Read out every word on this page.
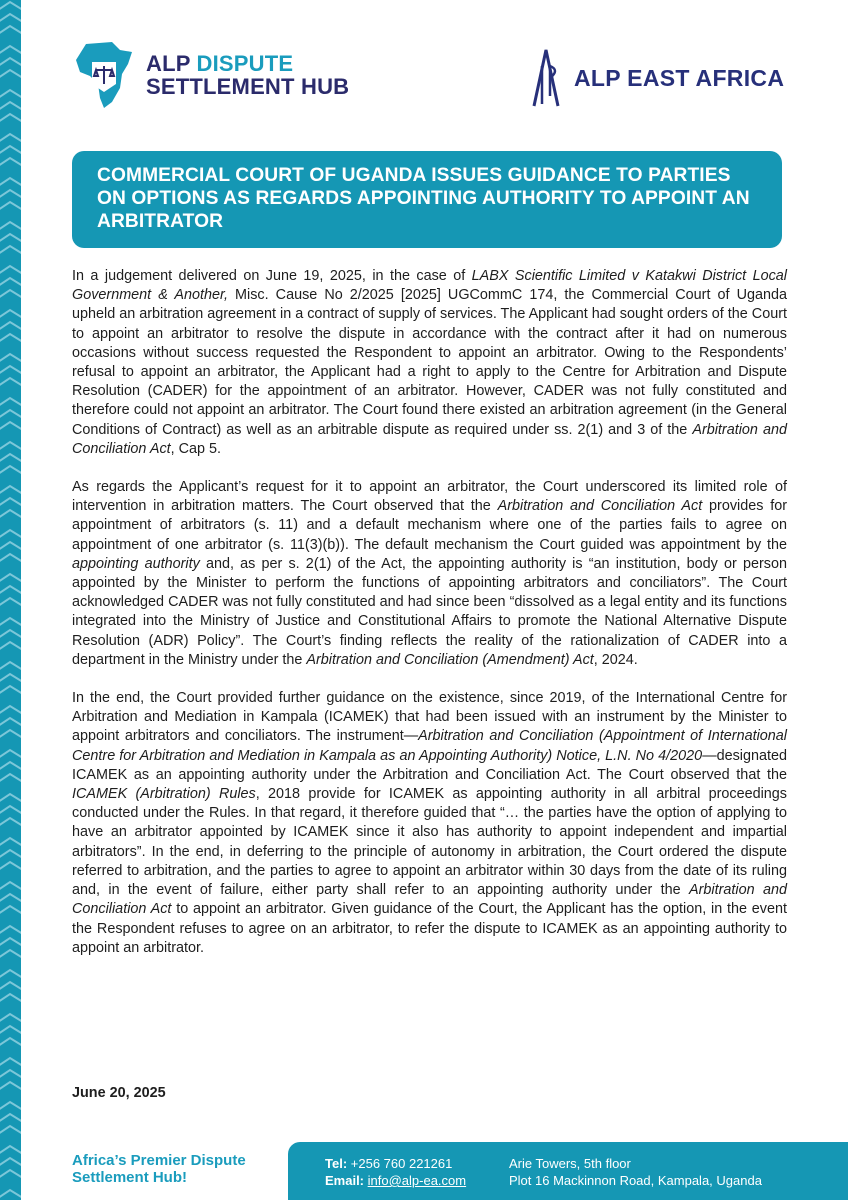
ALP DISPUTE
SETTLEMENT HUB	ALP EAST AFRICA
COMMERCIAL COURT OF UGANDA ISSUES GUIDANCE TO PARTIES ON OPTIONS AS REGARDS APPOINTING AUTHORITY TO APPOINT AN ARBITRATOR

In a judgement delivered on June 19, 2025, in the case of LABX Scientific Limited v Katakwi District Local Government & Another, Misc. Cause No 2/2025 [2025] UGCommC 174, the Commercial Court of Uganda upheld an arbitration agreement in a contract of supply of services. The Applicant had sought orders of the Court to appoint an arbitrator to resolve the dispute in accordance with the contract after it had on numerous occasions without success requested the Respondent to appoint an arbitrator. Owing to the Respondents’ refusal to appoint an arbitrator, the Applicant had a right to apply to the Centre for Arbitration and Dispute Resolution (CADER) for the appointment of an arbitrator. However, CADER was not fully constituted and therefore could not appoint an arbitrator. The Court found there existed an arbitration agreement (in the General Conditions of Contract) as well as an arbitrable dispute as required under ss. 2(1) and 3 of the Arbitration and Conciliation Act, Cap 5.

As regards the Applicant’s request for it to appoint an arbitrator, the Court underscored its limited role of intervention in arbitration matters. The Court observed that the Arbitration and Conciliation Act provides for appointment of arbitrators (s. 11) and a default mechanism where one of the parties fails to agree on appointment of one arbitrator (s. 11(3)(b)). The default mechanism the Court guided was appointment by the appointing authority and, as per s. 2(1) of the Act, the appointing authority is “an institution, body or person appointed by the Minister to perform the functions of appointing arbitrators and conciliators”. The Court acknowledged CADER was not fully constituted and had since been “dissolved as a legal entity and its functions integrated into the Ministry of Justice and Constitutional Affairs to promote the National Alternative Dispute Resolution (ADR) Policy”. The Court’s finding reflects the reality of the rationalization of CADER into a department in the Ministry under the Arbitration and Conciliation (Amendment) Act, 2024.

In the end, the Court provided further guidance on the existence, since 2019, of the International Centre for Arbitration and Mediation in Kampala (ICAMEK) that had been issued with an instrument by the Minister to appoint arbitrators and conciliators. The instrument—Arbitration and Conciliation (Appointment of International Centre for Arbitration and Mediation in Kampala as an Appointing Authority) Notice, L.N. No 4/2020—designated ICAMEK as an appointing authority under the Arbitration and Conciliation Act. The Court observed that the ICAMEK (Arbitration) Rules, 2018 provide for ICAMEK as appointing authority in all arbitral proceedings conducted under the Rules. In that regard, it therefore guided that “… the parties have the option of applying to have an arbitrator appointed by ICAMEK since it also has authority to appoint independent and impartial arbitrators”. In the end, in deferring to the principle of autonomy in arbitration, the Court ordered the dispute referred to arbitration, and the parties to agree to appoint an arbitrator within 30 days from the date of its ruling and, in the event of failure, either party shall refer to an appointing authority under the Arbitration and Conciliation Act to appoint an arbitrator. Given guidance of the Court, the Applicant has the option, in the event the Respondent refuses to agree on an arbitrator, to refer the dispute to ICAMEK as an appointing authority to appoint an arbitrator.

June 20, 2025
Africa’s Premier Dispute
Settlement Hub!
Tel: +256 760 221261
Email: info@alp-ea.com
Arie Towers, 5th floor
Plot 16 Mackinnon Road, Kampala, Uganda
